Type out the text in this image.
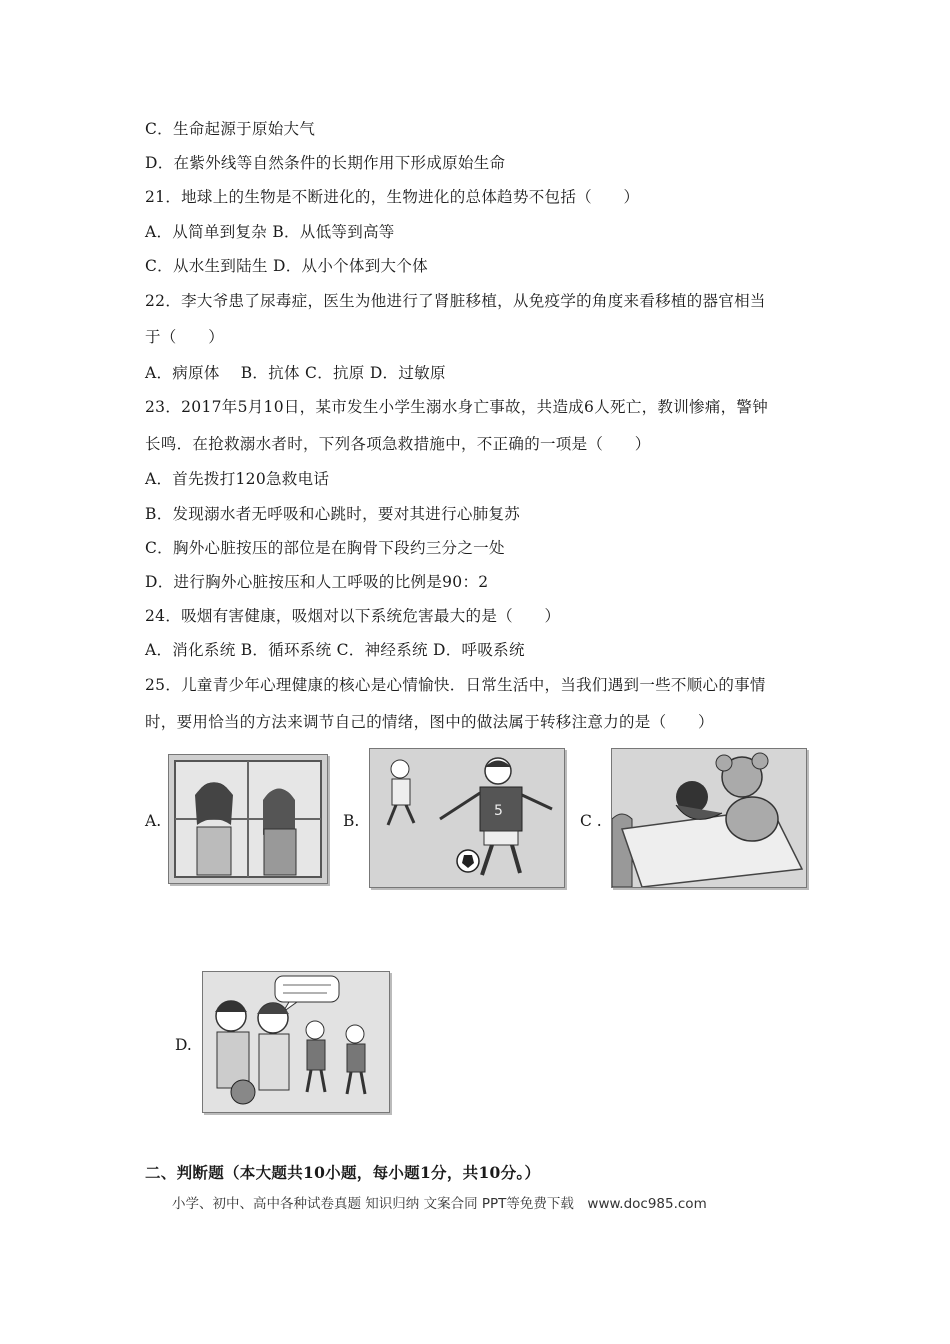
C．生命起源于原始大气
D．在紫外线等自然条件的长期作用下形成原始生命
21．地球上的生物是不断进化的，生物进化的总体趋势不包括（　　）
A．从简单到复杂 B．从低等到高等
C．从水生到陆生 D．从小个体到大个体
22．李大爷患了尿毒症，医生为他进行了肾脏移植，从免疫学的角度来看移植的器官相当
于（　　）
A．病原体　 B．抗体 C．抗原 D．过敏原
23．2017年5月10日，某市发生小学生溺水身亡事故，共造成6人死亡，教训惨痛，警钟
长鸣．在抢救溺水者时，下列各项急救措施中，不正确的一项是（　　）
A．首先拨打120急救电话
B．发现溺水者无呼吸和心跳时，要对其进行心肺复苏
C．胸外心脏按压的部位是在胸骨下段约三分之一处
D．进行胸外心脏按压和人工呼吸的比例是90：2
24．吸烟有害健康，吸烟对以下系统危害最大的是（　　）
A．消化系统 B．循环系统 C．神经系统 D．呼吸系统
25．儿童青少年心理健康的核心是心情愉快．日常生活中，当我们遇到一些不顺心的事情
时，要用恰当的方法来调节自己的情绪，图中的做法属于转移注意力的是（　　）
A.	B.
5
C .
D.
二、判断题（本大题共10小题，每小题1分，共10分。）
小学、初中、高中各种试卷真题 知识归纳 文案合同 PPT等免费下载　www.doc985.com
